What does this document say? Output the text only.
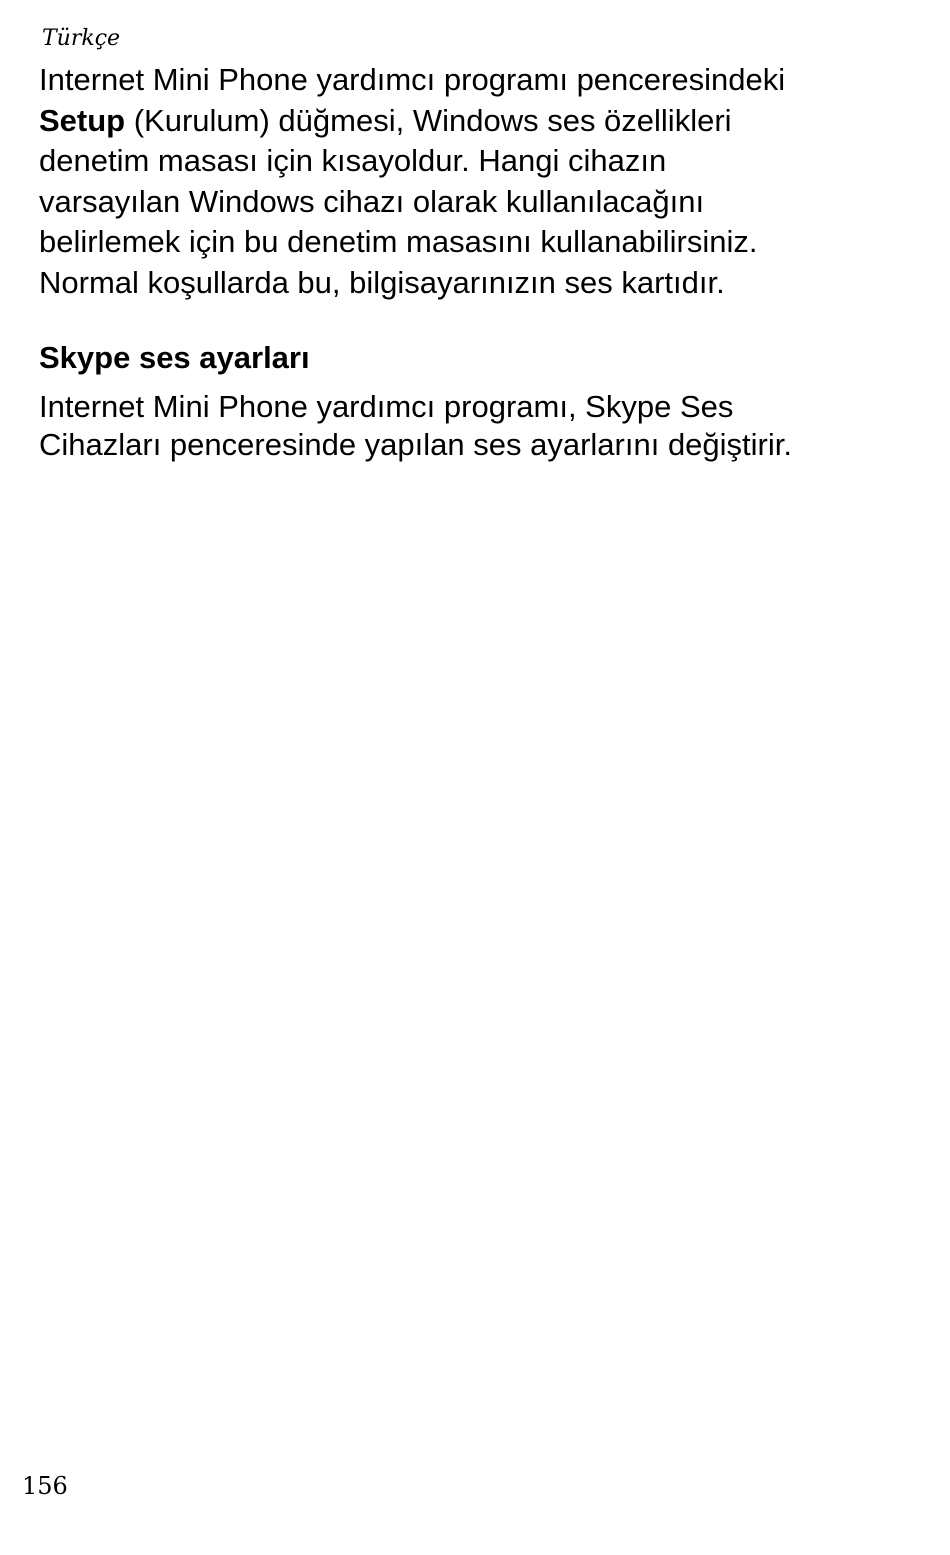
Türkçe
Internet Mini Phone yardımcı programı penceresindeki
Setup (Kurulum) düğmesi, Windows ses özellikleri
denetim masası için kısayoldur. Hangi cihazın
varsayılan Windows cihazı olarak kullanılacağını
belirlemek için bu denetim masasını kullanabilirsiniz.
Normal koşullarda bu, bilgisayarınızın ses kartıdır.
Skype ses ayarları
Internet Mini Phone yardımcı programı, Skype Ses
Cihazları penceresinde yapılan ses ayarlarını değiştirir.
156
